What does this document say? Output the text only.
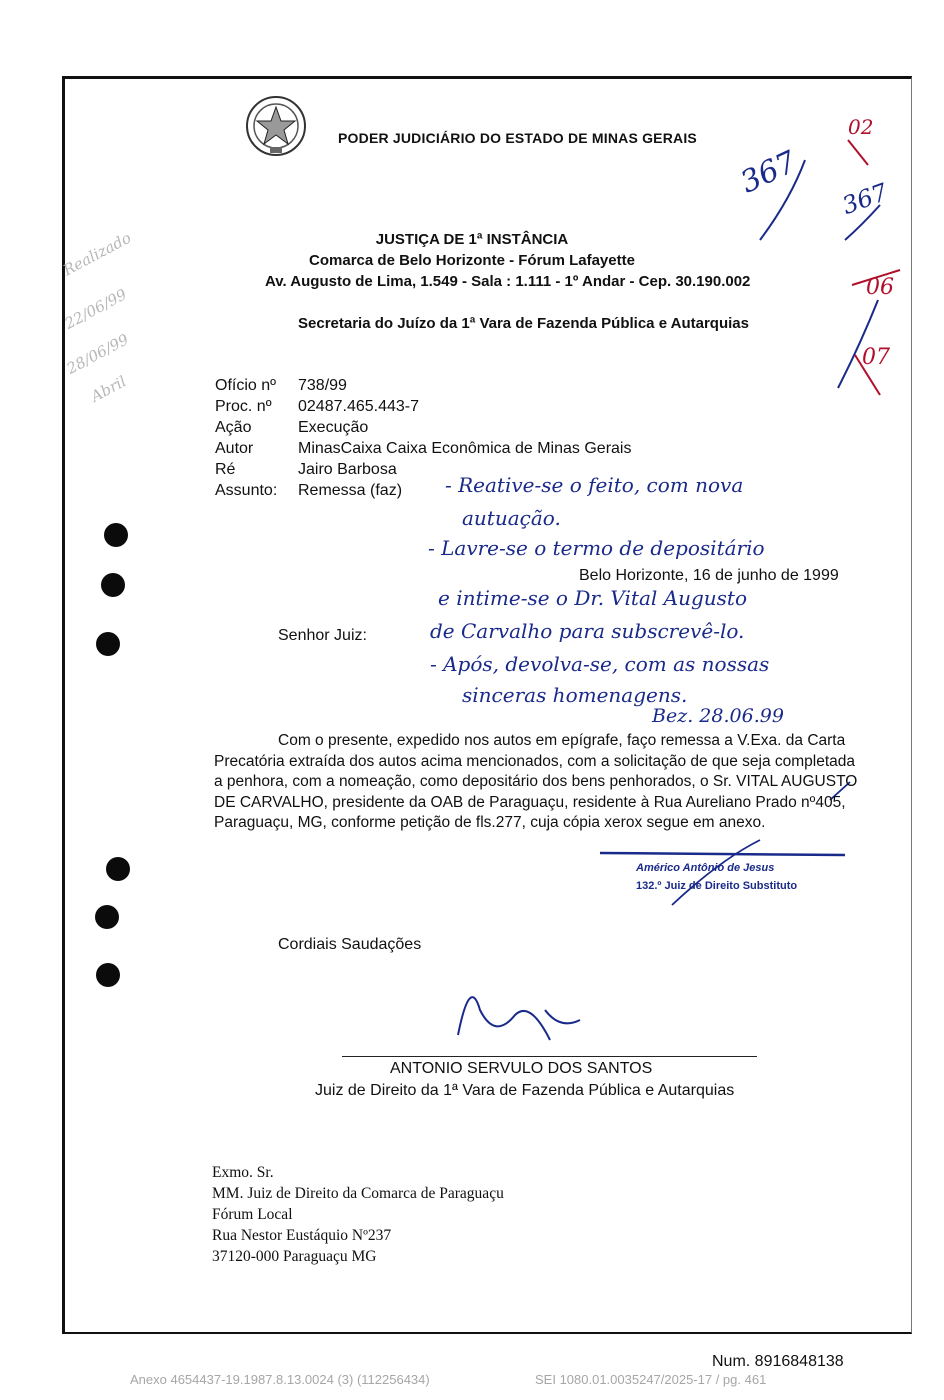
PODER JUDICIÁRIO DO ESTADO DE MINAS GERAIS
JUSTIÇA DE 1ª INSTÂNCIA
Comarca de Belo Horizonte - Fórum Lafayette
Av. Augusto de Lima, 1.549 - Sala : 1.111 - 1º Andar - Cep. 30.190.002
Secretaria do Juízo da 1ª Vara de Fazenda Pública e Autarquias
Ofício nº 738/99
Proc. nº 02487.465.443-7
Ação	Execução
Autor	MinasCaixa Caixa Econômica de Minas Gerais
Ré	Jairo Barbosa
Assunto: Remessa (faz)
Belo Horizonte, 16 de junho de 1999
Senhor Juiz:
- Reative-se o feito, com nova
autuação.
- Lavre-se o termo de depositário
e intime-se o Dr. Vital Augusto
de Carvalho para subscrevê-lo.
- Após, devolva-se, com as nossas
sinceras homenagens.
Bez. 28.06.99
Realizado
22/06/99
28/06/99
Abril
367
02
367
06
07

Com o presente, expedido nos autos em epígrafe, faço remessa a V.Exa. da Carta Precatória extraída dos autos acima mencionados, com a solicitação de que seja completada a penhora, com a nomeação, como depositário dos bens penhorados, o Sr. VITAL AUGUSTO DE CARVALHO, presidente da OAB de Paraguaçu, residente à Rua Aureliano Prado nº405, Paraguaçu, MG, conforme petição de fls.277, cuja cópia xerox segue em anexo.

Américo Antônio de Jesus
132.º Juiz de Direito Substituto
Cordiais Saudações
ANTONIO SERVULO DOS SANTOS
Juiz de Direito da 1ª Vara de Fazenda Pública e Autarquias
Exmo. Sr.
MM. Juiz de Direito da Comarca de Paraguaçu
Fórum Local
Rua Nestor Eustáquio Nº237
37120-000 Paraguaçu MG
Num. 8916848138
Anexo 4654437-19.1987.8.13.0024 (3) (112256434)	SEI 1080.01.0035247/2025-17 / pg. 461
